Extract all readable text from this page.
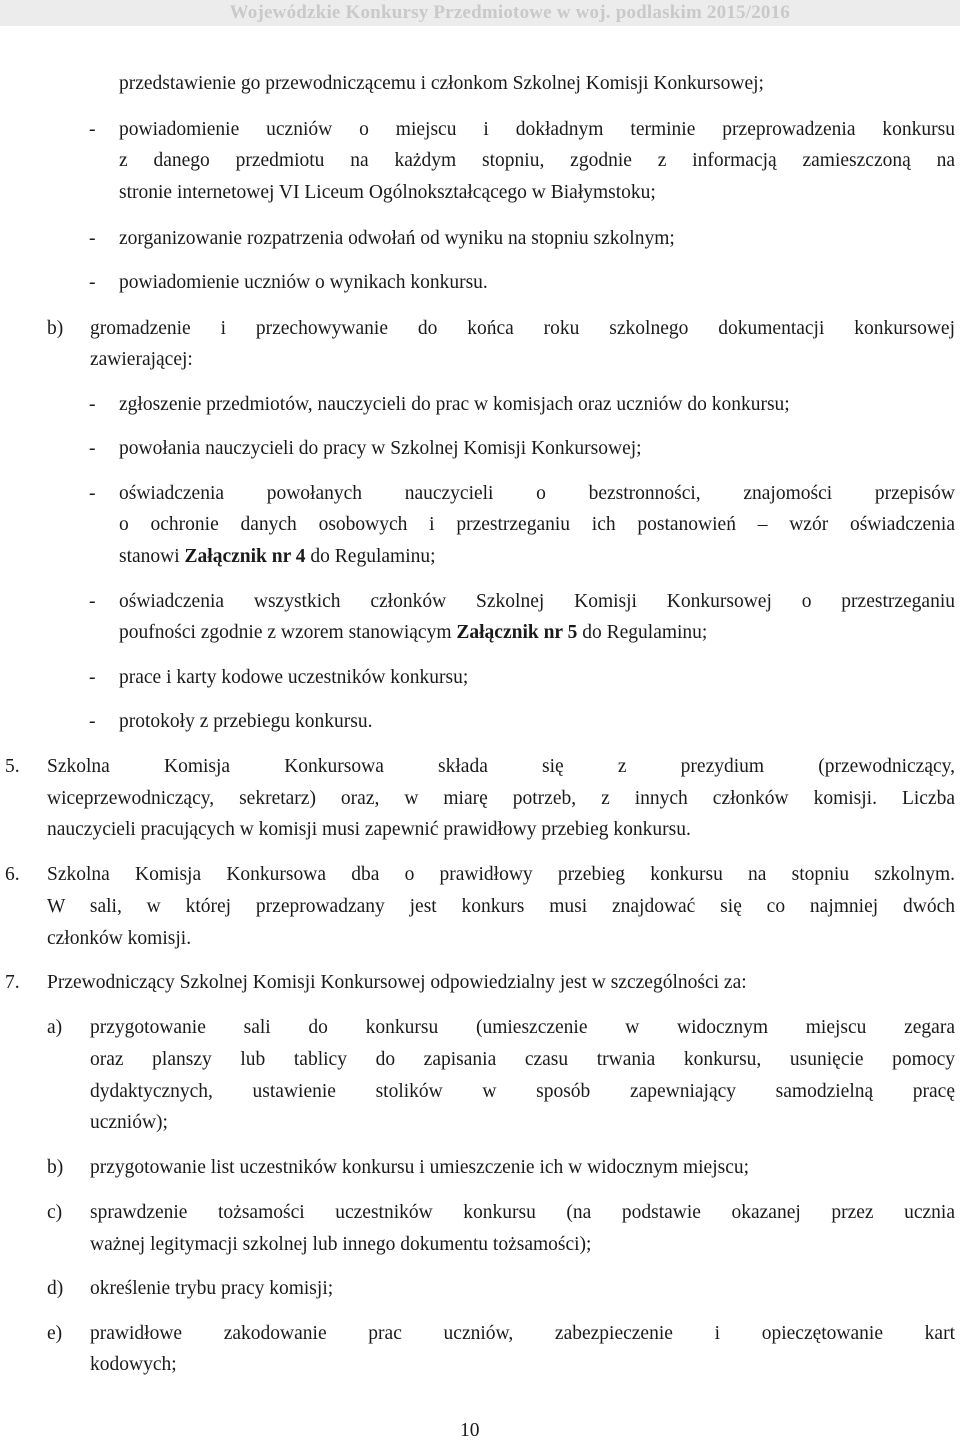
Wojewódzkie Konkursy Przedmiotowe w woj. podlaskim 2015/2016
przedstawienie go przewodniczącemu i członkom Szkolnej Komisji Konkursowej;
- powiadomienie uczniów o miejscu i dokładnym terminie przeprowadzenia konkursu
z danego przedmiotu na każdym stopniu, zgodnie z informacją zamieszczoną na
stronie internetowej VI Liceum Ogólnokształcącego w Białymstoku;
- zorganizowanie rozpatrzenia odwołań od wyniku na stopniu szkolnym;
- powiadomienie uczniów o wynikach konkursu.
b) gromadzenie i przechowywanie do końca roku szkolnego dokumentacji konkursowej
zawierającej:
- zgłoszenie przedmiotów, nauczycieli do prac w komisjach oraz uczniów do konkursu;
- powołania nauczycieli do pracy w Szkolnej Komisji Konkursowej;
- oświadczenia powołanych nauczycieli o bezstronności, znajomości przepisów
o ochronie danych osobowych i przestrzeganiu ich postanowień – wzór oświadczenia
stanowi Załącznik nr 4 do Regulaminu;
- oświadczenia wszystkich członków Szkolnej Komisji Konkursowej o przestrzeganiu
poufności zgodnie z wzorem stanowiącym Załącznik nr 5 do Regulaminu;
- prace i karty kodowe uczestników konkursu;
- protokoły z przebiegu konkursu.
5. Szkolna Komisja Konkursowa składa się z prezydium (przewodniczący,
wiceprzewodniczący, sekretarz) oraz, w miarę potrzeb, z innych członków komisji. Liczba
nauczycieli pracujących w komisji musi zapewnić prawidłowy przebieg konkursu.
6. Szkolna Komisja Konkursowa dba o prawidłowy przebieg konkursu na stopniu szkolnym.
W sali, w której przeprowadzany jest konkurs musi znajdować się co najmniej dwóch
członków komisji.
7. Przewodniczący Szkolnej Komisji Konkursowej odpowiedzialny jest w szczególności za:
a) przygotowanie sali do konkursu (umieszczenie w widocznym miejscu zegara
oraz planszy lub tablicy do zapisania czasu trwania konkursu, usunięcie pomocy
dydaktycznych, ustawienie stolików w sposób zapewniający samodzielną pracę
uczniów);
b) przygotowanie list uczestników konkursu i umieszczenie ich w widocznym miejscu;
c) sprawdzenie tożsamości uczestników konkursu (na podstawie okazanej przez ucznia
ważnej legitymacji szkolnej lub innego dokumentu tożsamości);
d) określenie trybu pracy komisji;
e) prawidłowe zakodowanie prac uczniów, zabezpieczenie i opieczętowanie kart
kodowych;
10
